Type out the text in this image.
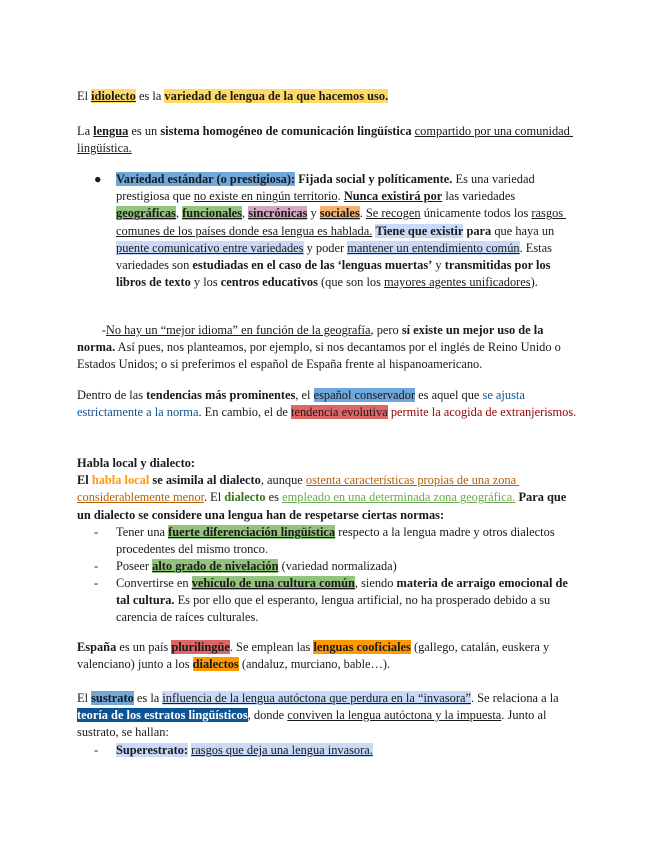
El idiolecto es la variedad de lengua de la que hacemos uso.

La lengua es un sistema homogéneo de comunicación lingüística compartido por una comunidad lingüística.

●	Variedad estándar (o prestigiosa): Fijada social y políticamente. Es una variedad prestigiosa que no existe en ningún territorio. Nunca existirá por las variedades geográficas, funcionales, sincrónicas y sociales. Se recogen únicamente todos los rasgos comunes de los países donde esa lengua es hablada. Tiene que existir para que haya un puente comunicativo entre variedades y poder mantener un entendimiento común. Estas variedades son estudiadas en el caso de las ‘lenguas muertas’ y transmitidas por los libros de texto y los centros educativos (que son los mayores agentes unificadores).

-No hay un “mejor idioma” en función de la geografía, pero sí existe un mejor uso de la norma. Así pues, nos planteamos, por ejemplo, si nos decantamos por el inglés de Reino Unido o Estados Unidos; o si preferimos el español de España frente al hispanoamericano.

Dentro de las tendencias más prominentes, el español conservador es aquel que se ajusta estrictamente a la norma. En cambio, el de tendencia evolutiva permite la acogida de extranjerismos.

Habla local y dialecto:
El habla local se asimila al dialecto, aunque ostenta características propias de una zona considerablemente menor. El dialecto es empleado en una determinada zona geográfica. Para que un dialecto se considere una lengua han de respetarse ciertas normas:

-	Tener una fuerte diferenciación lingüística respecto a la lengua madre y otros dialectos procedentes del mismo tronco.

-	Poseer alto grado de nivelación (variedad normalizada)

-	Convertirse en vehículo de una cultura común, siendo materia de arraigo emocional de tal cultura. Es por ello que el esperanto, lengua artificial, no ha prosperado debido a su carencia de raíces culturales.

España es un país plurilingüe. Se emplean las lenguas cooficiales (gallego, catalán, euskera y valenciano) junto a los dialectos (andaluz, murciano, bable…).

El sustrato es la influencia de la lengua autóctona que perdura en la “invasora”. Se relaciona a la teoría de los estratos lingüísticos, donde conviven la lengua autóctona y la impuesta. Junto al sustrato, se hallan:

-	Superestrato: rasgos que deja una lengua invasora.
